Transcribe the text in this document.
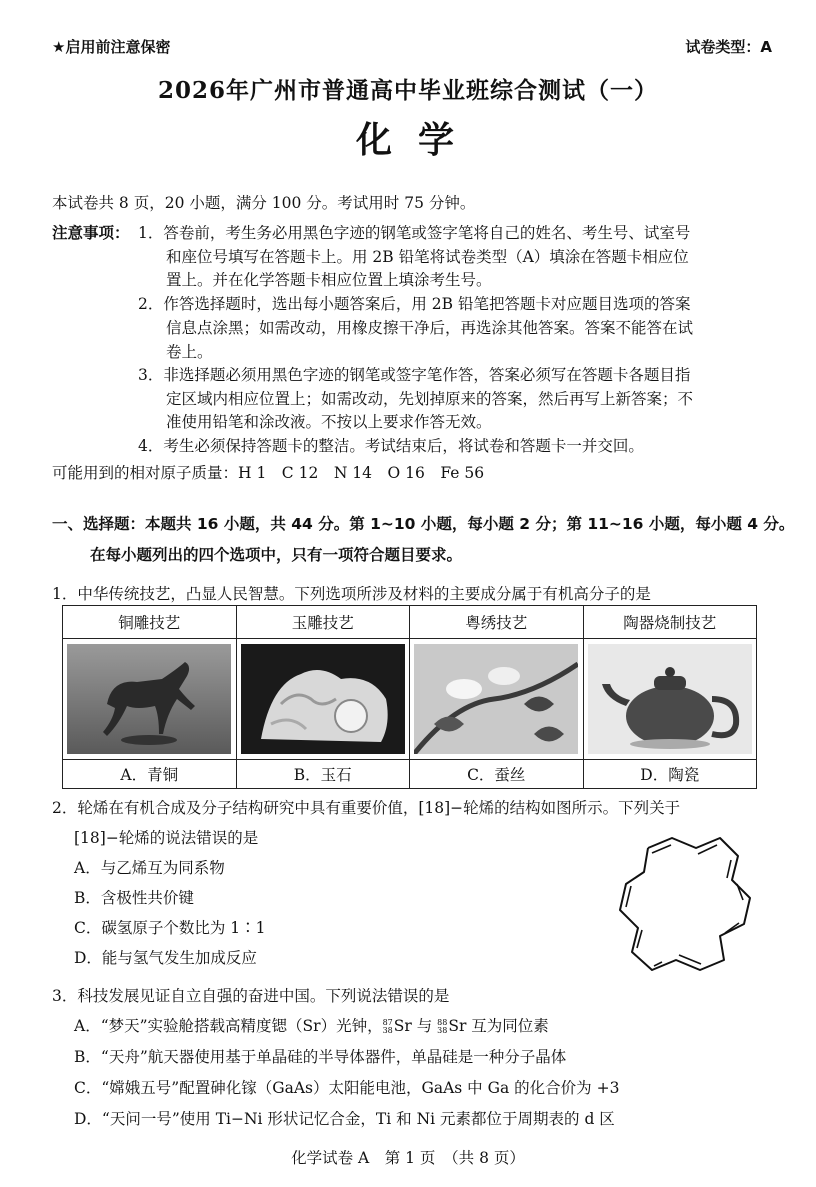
★启用前注意保密	试卷类型：A
2026年广州市普通高中毕业班综合测试（一）
化学
本试卷共 8 页，20 小题，满分 100 分。考试用时 75 分钟。
注意事项： 1．答卷前，考生务必用黑色字迹的钢笔或签字笔将自己的姓名、考生号、试室号
和座位号填写在答题卡上。用 2B 铅笔将试卷类型（A）填涂在答题卡相应位
置上。并在化学答题卡相应位置上填涂考生号。
2．作答选择题时，选出每小题答案后，用 2B 铅笔把答题卡对应题目选项的答案
信息点涂黑；如需改动，用橡皮擦干净后，再选涂其他答案。答案不能答在试
卷上。
3．非选择题必须用黑色字迹的钢笔或签字笔作答，答案必须写在答题卡各题目指
定区域内相应位置上；如需改动，先划掉原来的答案，然后再写上新答案；不
准使用铅笔和涂改液。不按以上要求作答无效。
4．考生必须保持答题卡的整洁。考试结束后，将试卷和答题卡一并交回。
可能用到的相对原子质量：H 1　C 12　N 14　O 16　Fe 56
一、选择题：本题共 16 小题，共 44 分。第 1~10 小题，每小题 2 分；第 11~16 小题，每小题 4 分。
在每小题列出的四个选项中，只有一项符合题目要求。
1．中华传统技艺，凸显人民智慧。下列选项所涉及材料的主要成分属于有机高分子的是
铜雕技艺	玉雕技艺	粤绣技艺	陶器烧制技艺

A．青铜	B．玉石	C．蚕丝	D．陶瓷
2．轮烯在有机合成及分子结构研究中具有重要价值，[18]−轮烯的结构如图所示。下列关于
[18]−轮烯的说法错误的是
A．与乙烯互为同系物
B．含极性共价键
C．碳氢原子个数比为 1∶1
D．能与氢气发生加成反应
3．科技发展见证自立自强的奋进中国。下列说法错误的是
A．“梦天”实验舱搭载高精度锶（Sr）光钟，87
38Sr 与 88
38Sr 互为同位素
B．“天舟”航天器使用基于单晶硅的半导体器件，单晶硅是一种分子晶体
C．“嫦娥五号”配置砷化镓（GaAs）太阳能电池，GaAs 中 Ga 的化合价为 +3
D．“天问一号”使用 Ti−Ni 形状记忆合金，Ti 和 Ni 元素都位于周期表的 d 区
化学试卷 A　第 1 页　（共 8 页）
